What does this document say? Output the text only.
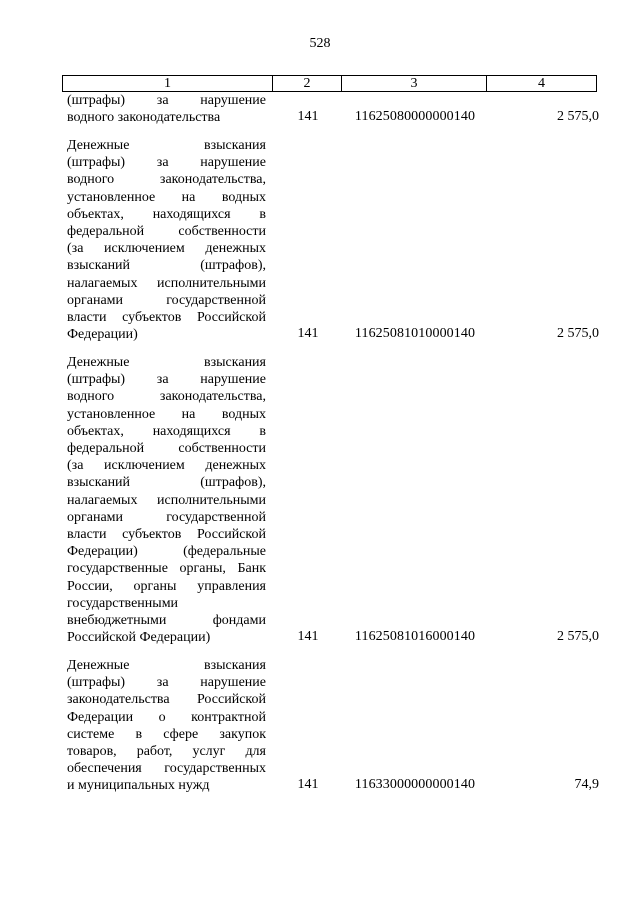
528
1	2	3	4
(штрафы) за нарушение
водного законодательства	141	11625080000000140	2 575,0
Денежные взыскания
(штрафы) за нарушение
водного законодательства,
установленное на водных
объектах, находящихся в
федеральной собственности
(за исключением денежных
взысканий (штрафов),
налагаемых исполнительными
органами государственной
власти субъектов Российской
Федерации)	141	11625081010000140	2 575,0
Денежные взыскания
(штрафы) за нарушение
водного законодательства,
установленное на водных
объектах, находящихся в
федеральной собственности
(за исключением денежных
взысканий (штрафов),
налагаемых исполнительными
органами государственной
власти субъектов Российской
Федерации) (федеральные
государственные органы, Банк
России, органы управления
государственными
внебюджетными фондами
Российской Федерации)	141	11625081016000140	2 575,0
Денежные взыскания
(штрафы) за нарушение
законодательства Российской
Федерации о контрактной
системе в сфере закупок
товаров, работ, услуг для
обеспечения государственных
и муниципальных нужд	141	11633000000000140	74,9
